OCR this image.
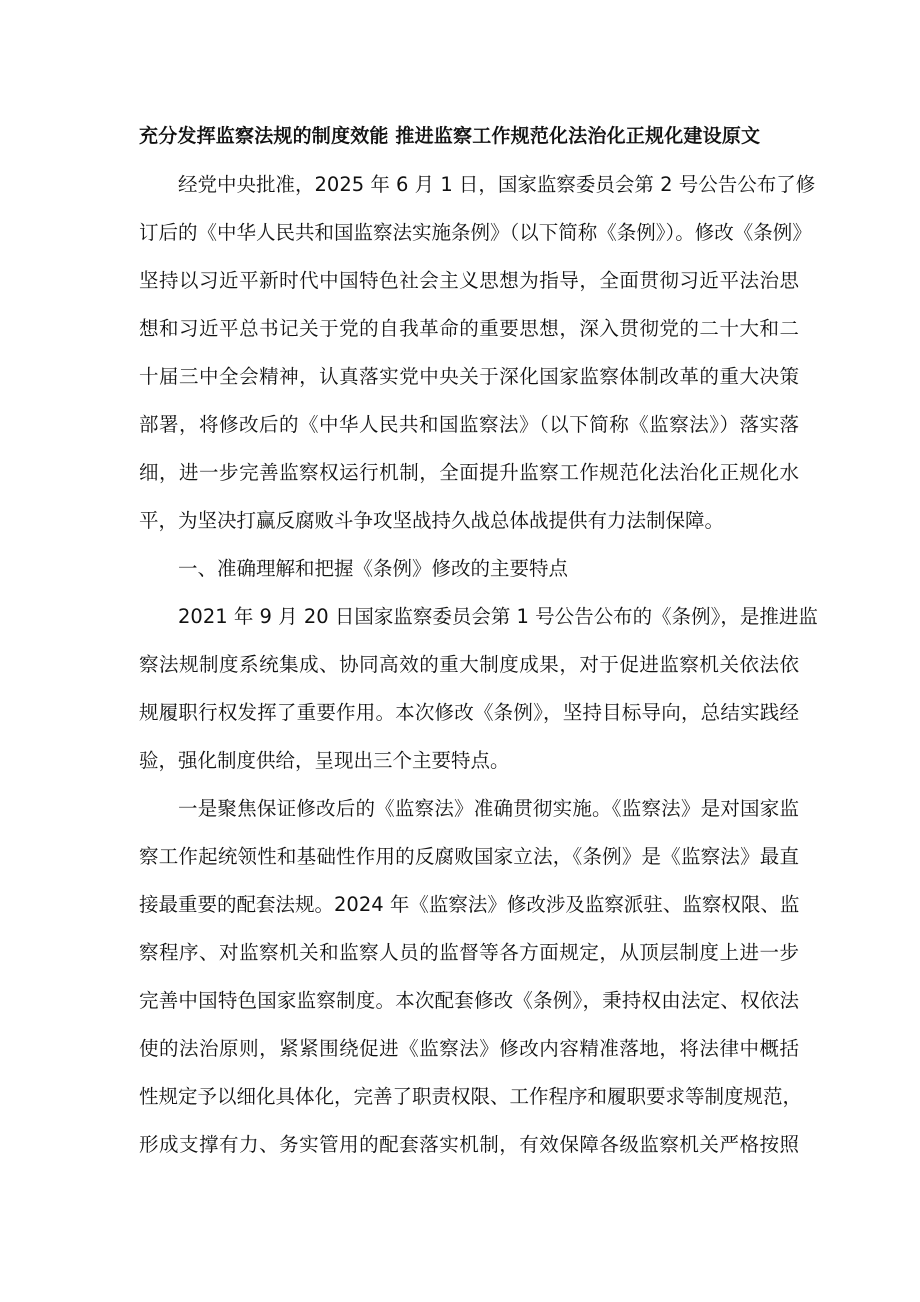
充分发挥监察法规的制度效能 推进监察工作规范化法治化正规化建设原文

经党中央批准，2025 年 6 月 1 日，国家监察委员会第 2 号公告公布了修

订后的《中华人民共和国监察法实施条例》（以下简称《条例》）。修改《条例》

坚持以习近平新时代中国特色社会主义思想为指导，全面贯彻习近平法治思

想和习近平总书记关于党的自我革命的重要思想，深入贯彻党的二十大和二

十届三中全会精神，认真落实党中央关于深化国家监察体制改革的重大决策

部署，将修改后的《中华人民共和国监察法》（以下简称《监察法》）落实落

细，进一步完善监察权运行机制，全面提升监察工作规范化法治化正规化水

平，为坚决打赢反腐败斗争攻坚战持久战总体战提供有力法制保障。

一、准确理解和把握《条例》修改的主要特点

2021 年 9 月 20 日国家监察委员会第 1 号公告公布的《条例》，是推进监

察法规制度系统集成、协同高效的重大制度成果，对于促进监察机关依法依

规履职行权发挥了重要作用。本次修改《条例》，坚持目标导向，总结实践经

验，强化制度供给，呈现出三个主要特点。

一是聚焦保证修改后的《监察法》准确贯彻实施。《监察法》是对国家监

察工作起统领性和基础性作用的反腐败国家立法，《条例》是《监察法》最直

接最重要的配套法规。2024 年《监察法》修改涉及监察派驻、监察权限、监

察程序、对监察机关和监察人员的监督等各方面规定，从顶层制度上进一步

完善中国特色国家监察制度。本次配套修改《条例》，秉持权由法定、权依法

使的法治原则，紧紧围绕促进《监察法》修改内容精准落地，将法律中概括

性规定予以细化具体化，完善了职责权限、工作程序和履职要求等制度规范，

形成支撑有力、务实管用的配套落实机制，有效保障各级监察机关严格按照
